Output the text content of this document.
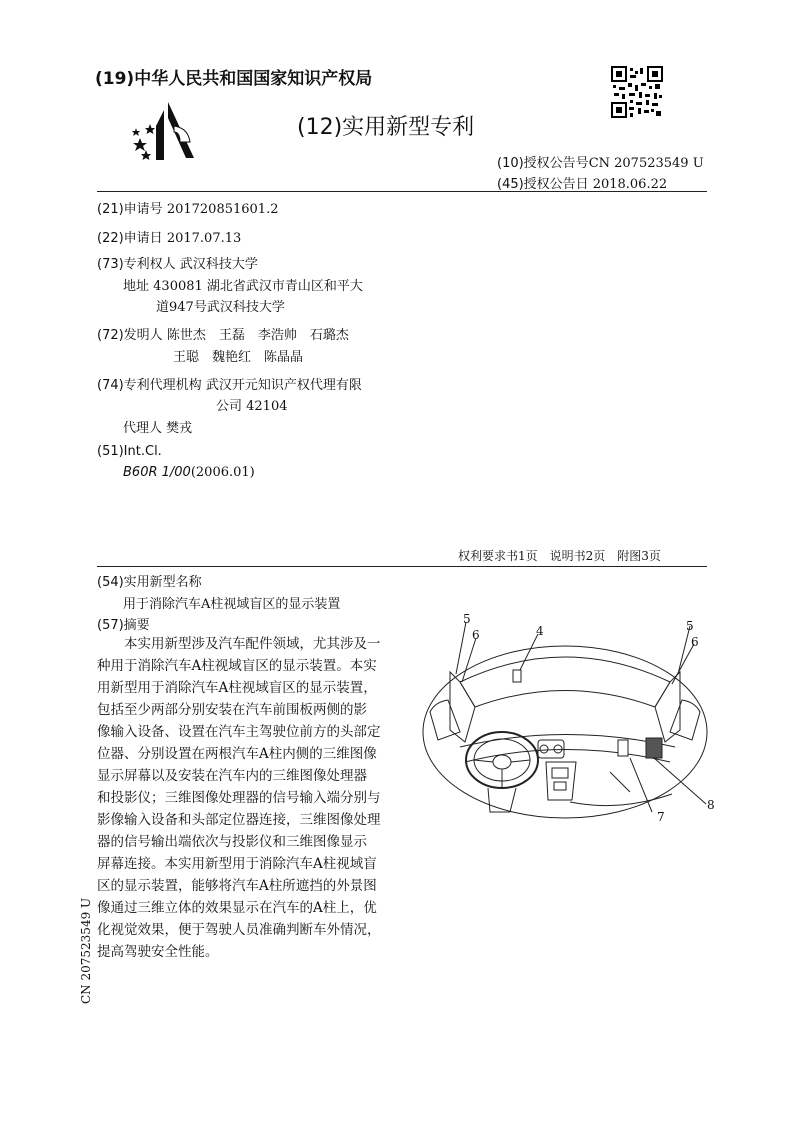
(19)中华人民共和国国家知识产权局
(12)实用新型专利
(10)授权公告号CN 207523549 U
(45)授权公告日 2018.06.22
(21)申请号 201720851601.2
(22)申请日 2017.07.13
(73)专利权人 武汉科技大学
地址 430081 湖北省武汉市青山区和平大
道947号武汉科技大学
(72)发明人 陈世杰　王磊　李浩帅　石璐杰
王聪　魏艳红　陈晶晶
(74)专利代理机构 武汉开元知识产权代理有限
公司 42104
代理人 樊戎
(51)Int.Cl.
B60R 1/00(2006.01)
权利要求书1页　说明书2页　附图3页
(54)实用新型名称
用于消除汽车A柱视域盲区的显示装置
(57)摘要
　　本实用新型涉及汽车配件领域，尤其涉及一
种用于消除汽车A柱视域盲区的显示装置。本实
用新型用于消除汽车A柱视域盲区的显示装置，
包括至少两部分别安装在汽车前围板两侧的影
像输入设备、设置在汽车主驾驶位前方的头部定
位器、分别设置在两根汽车A柱内侧的三维图像
显示屏幕以及安装在汽车内的三维图像处理器
和投影仪；三维图像处理器的信号输入端分别与
影像输入设备和头部定位器连接，三维图像处理
器的信号输出端依次与投影仪和三维图像显示
屏幕连接。本实用新型用于消除汽车A柱视域盲
区的显示装置，能够将汽车A柱所遮挡的外景图
像通过三维立体的效果显示在汽车的A柱上，优
化视觉效果，便于驾驶人员准确判断车外情况，
提高驾驶安全性能。
5
6	4	5
6
7
8
CN 207523549 U
